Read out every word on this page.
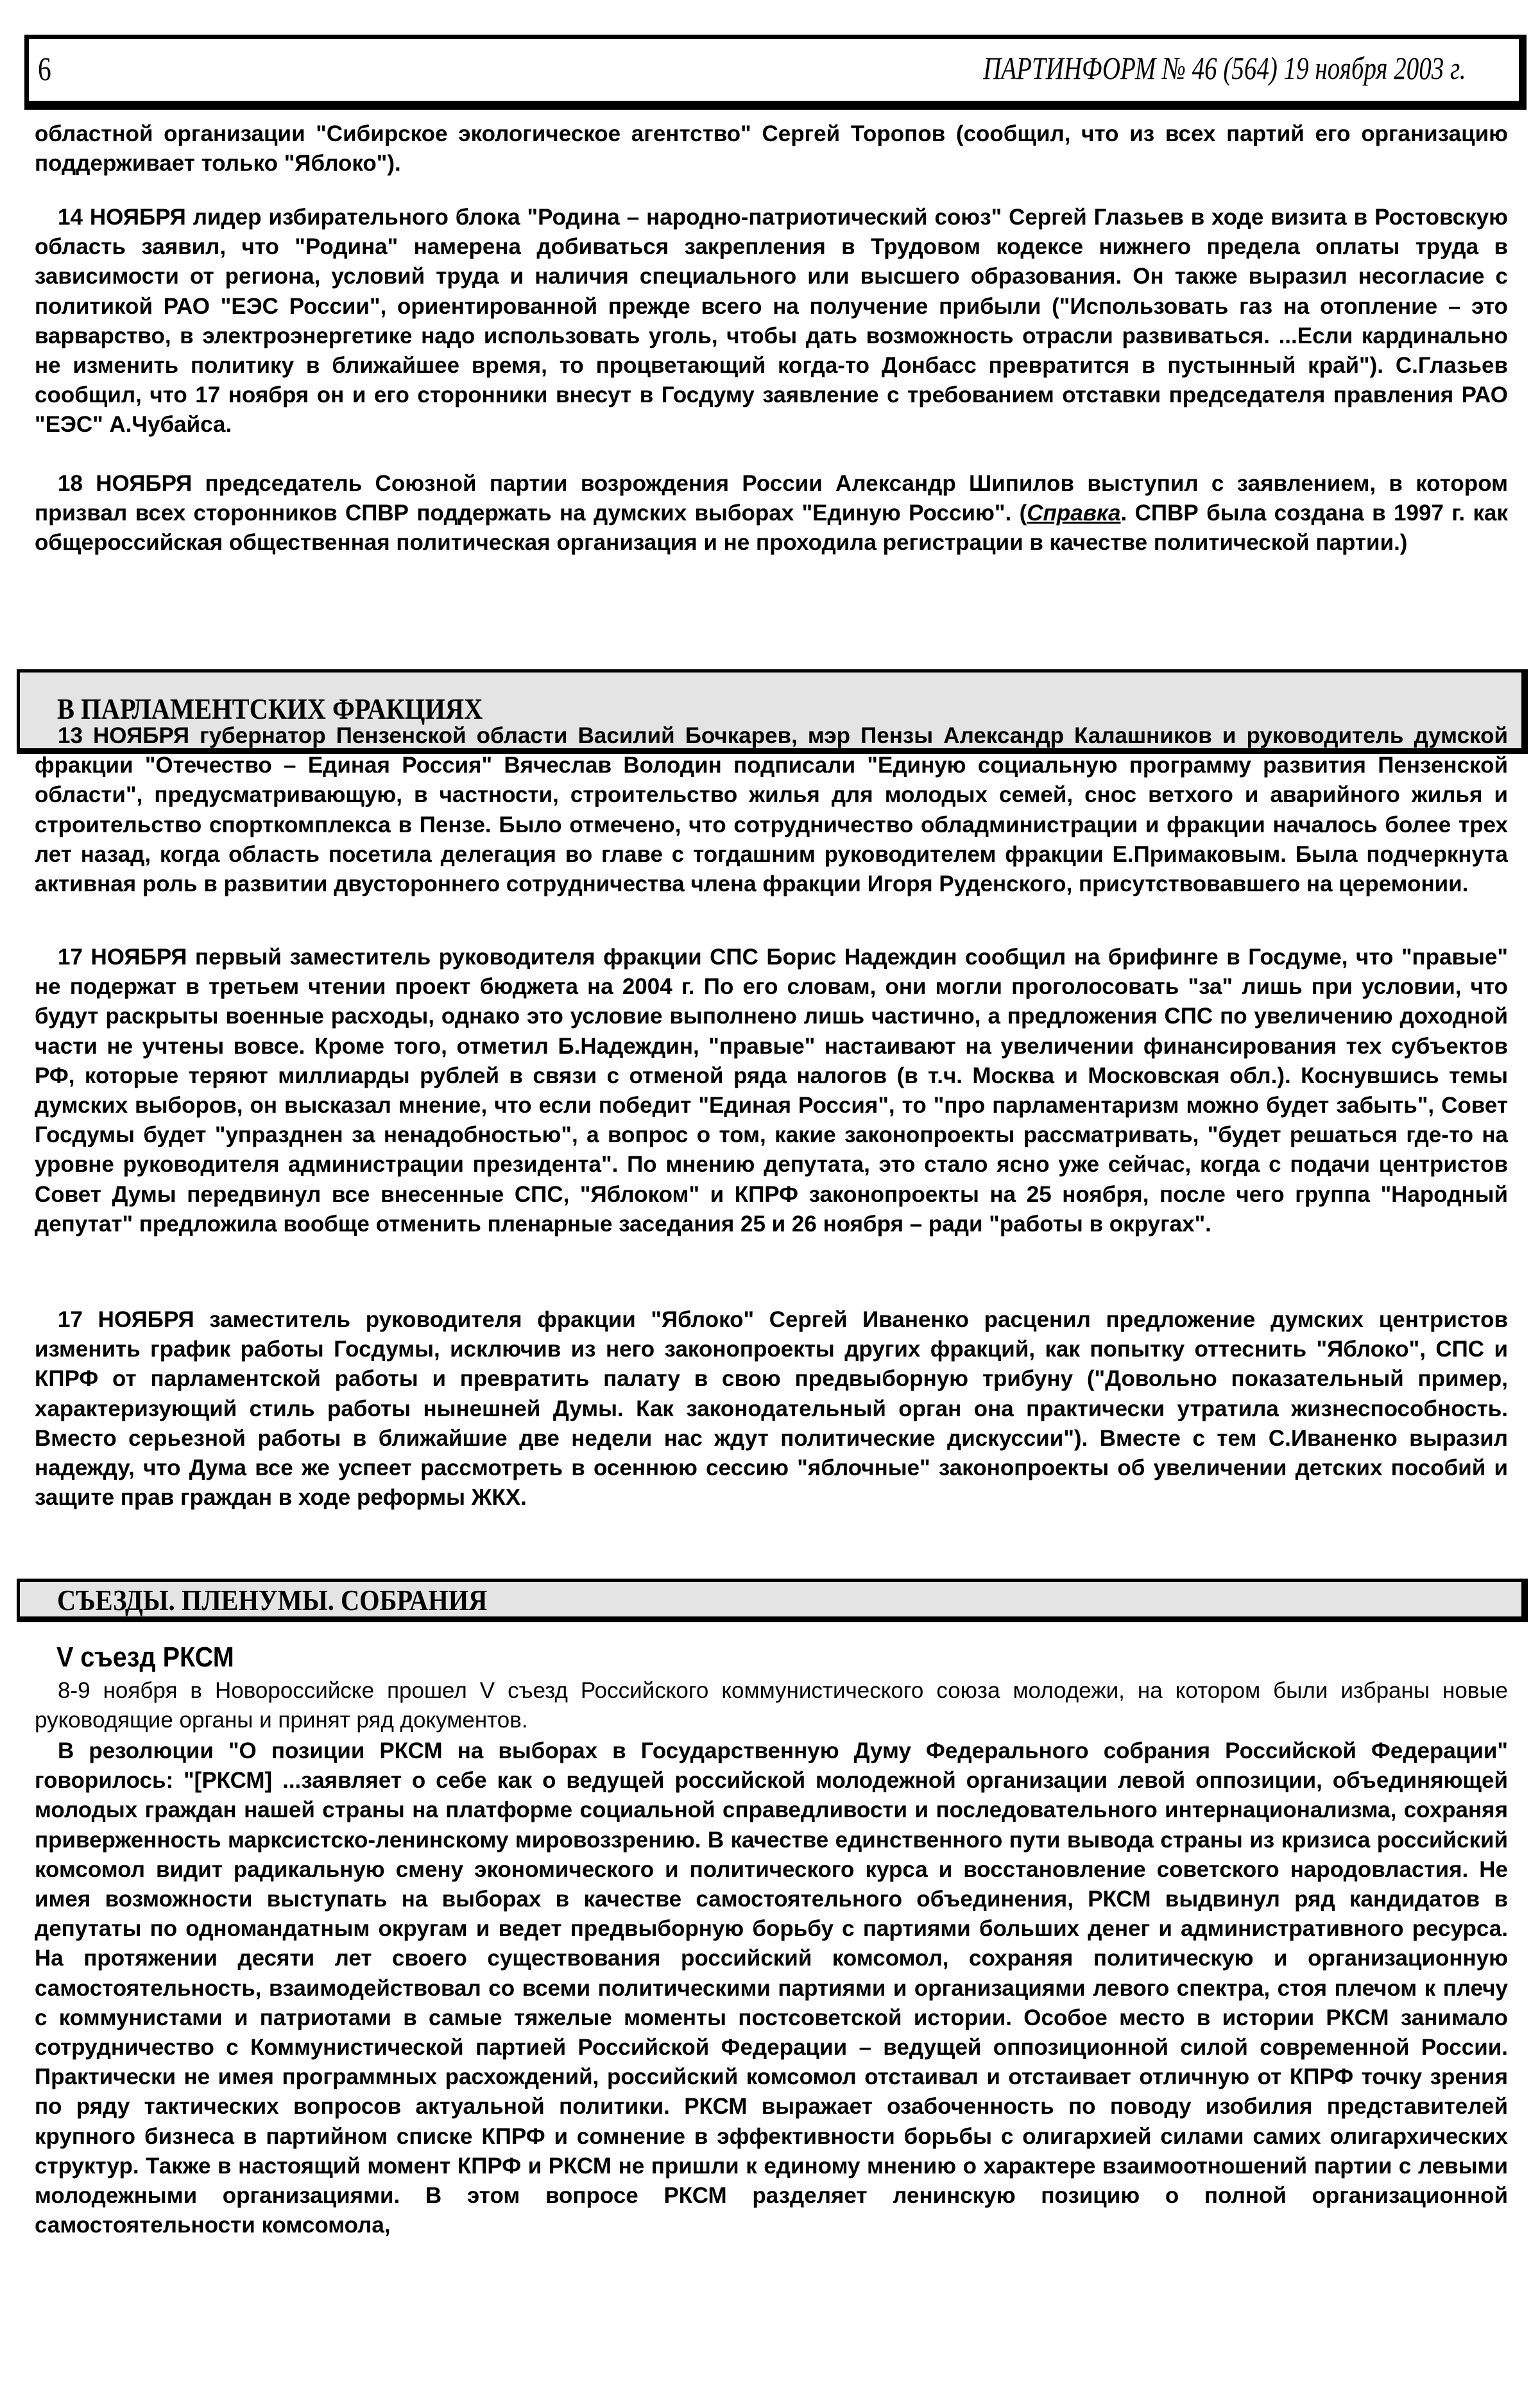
6	ПАРТИНФОРМ № 46 (564) 19 ноября 2003 г.

областной организации "Сибирское экологическое агентство" Сергей Торопов (сообщил, что из всех партий его организацию поддерживает только "Яблоко").

14 НОЯБРЯ лидер избирательного блока "Родина – народно-патриотический союз" Сергей Глазьев в ходе визита в Ростовскую область заявил, что "Родина" намерена добиваться закрепления в Трудовом кодексе нижнего предела оплаты труда в зависимости от региона, условий труда и наличия специального или высшего образования. Он также выразил несогласие с политикой РАО "ЕЭС России", ориентированной прежде всего на получение прибыли ("Использовать газ на отопление – это варварство, в электроэнергетике надо использовать уголь, чтобы дать возможность отрасли развиваться. ...Если кардинально не изменить политику в ближайшее время, то процветающий когда-то Донбасс превратится в пустынный край"). С.Глазьев сообщил, что 17 ноября он и его сторонники внесут в Госдуму заявление с требованием отставки председателя правления РАО "ЕЭС" А.Чубайса.

18 НОЯБРЯ председатель Союзной партии возрождения России Александр Шипилов выступил с заявлением, в котором призвал всех сторонников СПВР поддержать на думских выборах "Единую Россию". (Справка. СПВР была создана в 1997 г. как общероссийская общественная политическая организация и не проходила регистрации в качестве политической партии.)

В ПАРЛАМЕНТСКИХ ФРАКЦИЯХ

13 НОЯБРЯ губернатор Пензенской области Василий Бочкарев, мэр Пензы Александр Калашников и руководитель думской фракции "Отечество – Единая Россия" Вячеслав Володин подписали "Единую социальную программу развития Пензенской области", предусматривающую, в частности, строительство жилья для молодых семей, снос ветхого и аварийного жилья и строительство спорткомплекса в Пензе. Было отмечено, что сотрудничество обладминистрации и фракции началось более трех лет назад, когда область посетила делегация во главе с тогдашним руководителем фракции Е.Примаковым. Была подчеркнута активная роль в развитии двустороннего сотрудничества члена фракции Игоря Руденского, присутствовавшего на церемонии.

17 НОЯБРЯ первый заместитель руководителя фракции СПС Борис Надеждин сообщил на брифинге в Госдуме, что "правые" не подержат в третьем чтении проект бюджета на 2004 г. По его словам, они могли проголосовать "за" лишь при условии, что будут раскрыты военные расходы, однако это условие выполнено лишь частично, а предложения СПС по увеличению доходной части не учтены вовсе. Кроме того, отметил Б.Надеждин, "правые" настаивают на увеличении финансирования тех субъектов РФ, которые теряют миллиарды рублей в связи с отменой ряда налогов (в т.ч. Москва и Московская обл.). Коснувшись темы думских выборов, он высказал мнение, что если победит "Единая Россия", то "про парламентаризм можно будет забыть", Совет Госдумы будет "упразднен за ненадобностью", а вопрос о том, какие законопроекты рассматривать, "будет решаться где-то на уровне руководителя администрации президента". По мнению депутата, это стало ясно уже сейчас, когда с подачи центристов Совет Думы передвинул все внесенные СПС, "Яблоком" и КПРФ законопроекты на 25 ноября, после чего группа "Народный депутат" предложила вообще отменить пленарные заседания 25 и 26 ноября – ради "работы в округах".

17 НОЯБРЯ заместитель руководителя фракции "Яблоко" Сергей Иваненко расценил предложение думских центристов изменить график работы Госдумы, исключив из него законопроекты других фракций, как попытку оттеснить "Яблоко", СПС и КПРФ от парламентской работы и превратить палату в свою предвыборную трибуну ("Довольно показательный пример, характеризующий стиль работы нынешней Думы. Как законодательный орган она практически утратила жизнеспособность. Вместо серьезной работы в ближайшие две недели нас ждут политические дискуссии"). Вместе с тем С.Иваненко выразил надежду, что Дума все же успеет рассмотреть в осеннюю сессию "яблочные" законопроекты об увеличении детских пособий и защите прав граждан в ходе реформы ЖКХ.

СЪЕЗДЫ. ПЛЕНУМЫ. СОБРАНИЯ
V съезд РКСМ

8-9 ноября в Новороссийске прошел V съезд Российского коммунистического союза молодежи, на котором были избраны новые руководящие органы и принят ряд документов.

В резолюции "О позиции РКСМ на выборах в Государственную Думу Федерального собрания Российской Федерации" говорилось: "[РКСМ] ...заявляет о себе как о ведущей российской молодежной организации левой оппозиции, объединяющей молодых граждан нашей страны на платформе социальной справедливости и последовательного интернационализма, сохраняя приверженность марксистско-ленинскому мировоззрению. В качестве единственного пути вывода страны из кризиса российский комсомол видит радикальную смену экономического и политического курса и восстановление советского народовластия. Не имея возможности выступать на выборах в качестве самостоятельного объединения, РКСМ выдвинул ряд кандидатов в депутаты по одномандатным округам и ведет предвыборную борьбу с партиями больших денег и административного ресурса. На протяжении десяти лет своего существования российский комсомол, сохраняя политическую и организационную самостоятельность, взаимодействовал со всеми политическими партиями и организациями левого спектра, стоя плечом к плечу с коммунистами и патриотами в самые тяжелые моменты постсоветской истории. Особое место в истории РКСМ занимало сотрудничество с Коммунистической партией Российской Федерации – ведущей оппозиционной силой современной России. Практически не имея программных расхождений, российский комсомол отстаивал и отстаивает отличную от КПРФ точку зрения по ряду тактических вопросов актуальной политики. РКСМ выражает озабоченность по поводу изобилия представителей крупного бизнеса в партийном списке КПРФ и сомнение в эффективности борьбы с олигархией силами самих олигархических структур. Также в настоящий момент КПРФ и РКСМ не пришли к единому мнению о характере взаимоотношений партии с левыми молодежными организациями. В этом вопросе РКСМ разделяет ленинскую позицию о полной организационной самостоятельности комсомола,
